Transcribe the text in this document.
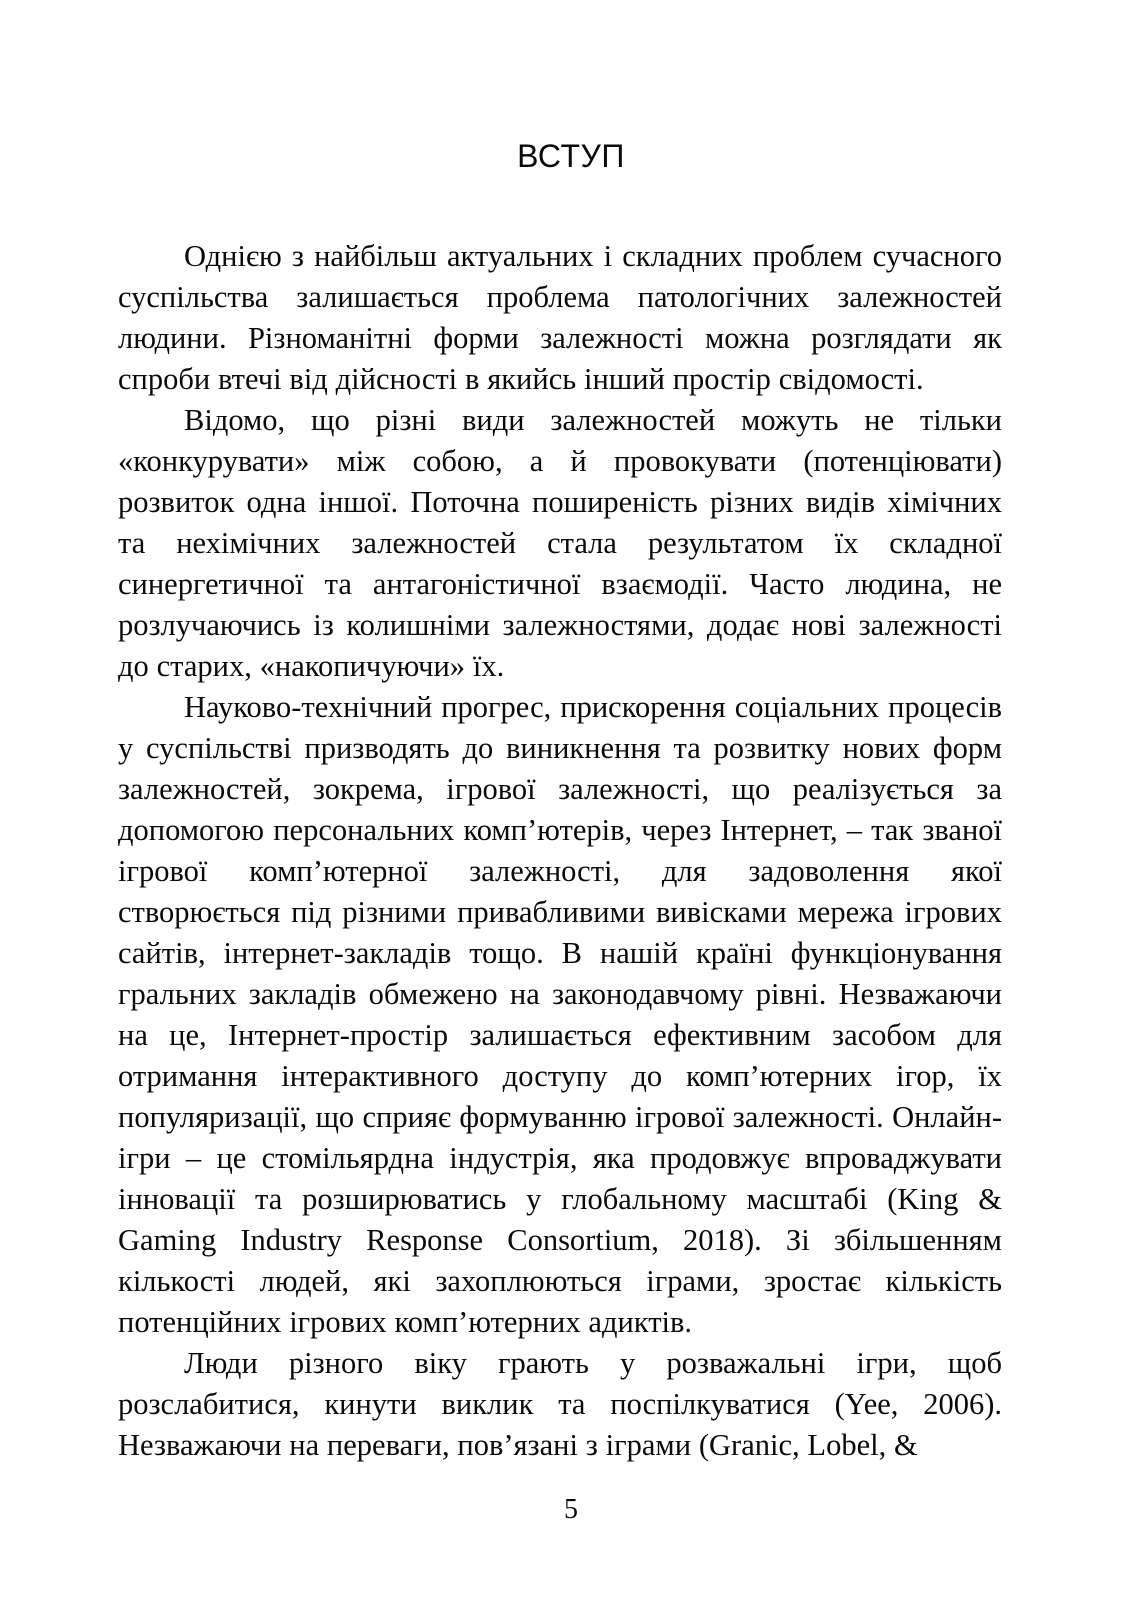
ВСТУП

Однією з найбільш актуальних і складних проблем сучасного суспільства залишається проблема патологічних залежностей людини. Різноманітні форми залежності можна розглядати як спроби втечі від дійсності в якийсь інший простір свідомості.

Відомо, що різні види залежностей можуть не тільки «конкурувати» між собою, а й провокувати (потенціювати) розвиток одна іншої. Поточна поширеність різних видів хімічних та нехімічних залежностей стала результатом їх складної синергетичної та антагоністичної взаємодії. Часто людина, не розлучаючись із колишніми залежностями, додає нові залежності до старих, «накопичуючи» їх.

Науково-технічний прогрес, прискорення соціальних процесів у суспільстві призводять до виникнення та розвитку нових форм залежностей, зокрема, ігрової залежності, що реалізується за допомогою персональних комп’ютерів, через Інтернет, – так званої ігрової комп’ютерної залежності, для задоволення якої створюється під різними привабливими вивісками мережа ігрових сайтів, інтернет-закладів тощо. В нашій країні функціонування гральних закладів обмежено на законодавчому рівні. Незважаючи на це, Інтернет-простір залишається ефективним засобом для отримання інтерактивного доступу до комп’ютерних ігор, їх популяризації, що сприяє формуванню ігрової залежності. Онлайн-ігри – це стомільярдна індустрія, яка продовжує впроваджувати інновації та розширюватись у глобальному масштабі (King & Gaming Industry Response Consortium, 2018). Зі збільшенням кількості людей, які захоплюються іграми, зростає кількість потенційних ігрових комп’ютерних адиктів.

Люди різного віку грають у розважальні ігри, щоб розслабитися, кинути виклик та поспілкуватися (Yee, 2006). Незважаючи на переваги, пов’язані з іграми (Granic, Lobel, &

5
